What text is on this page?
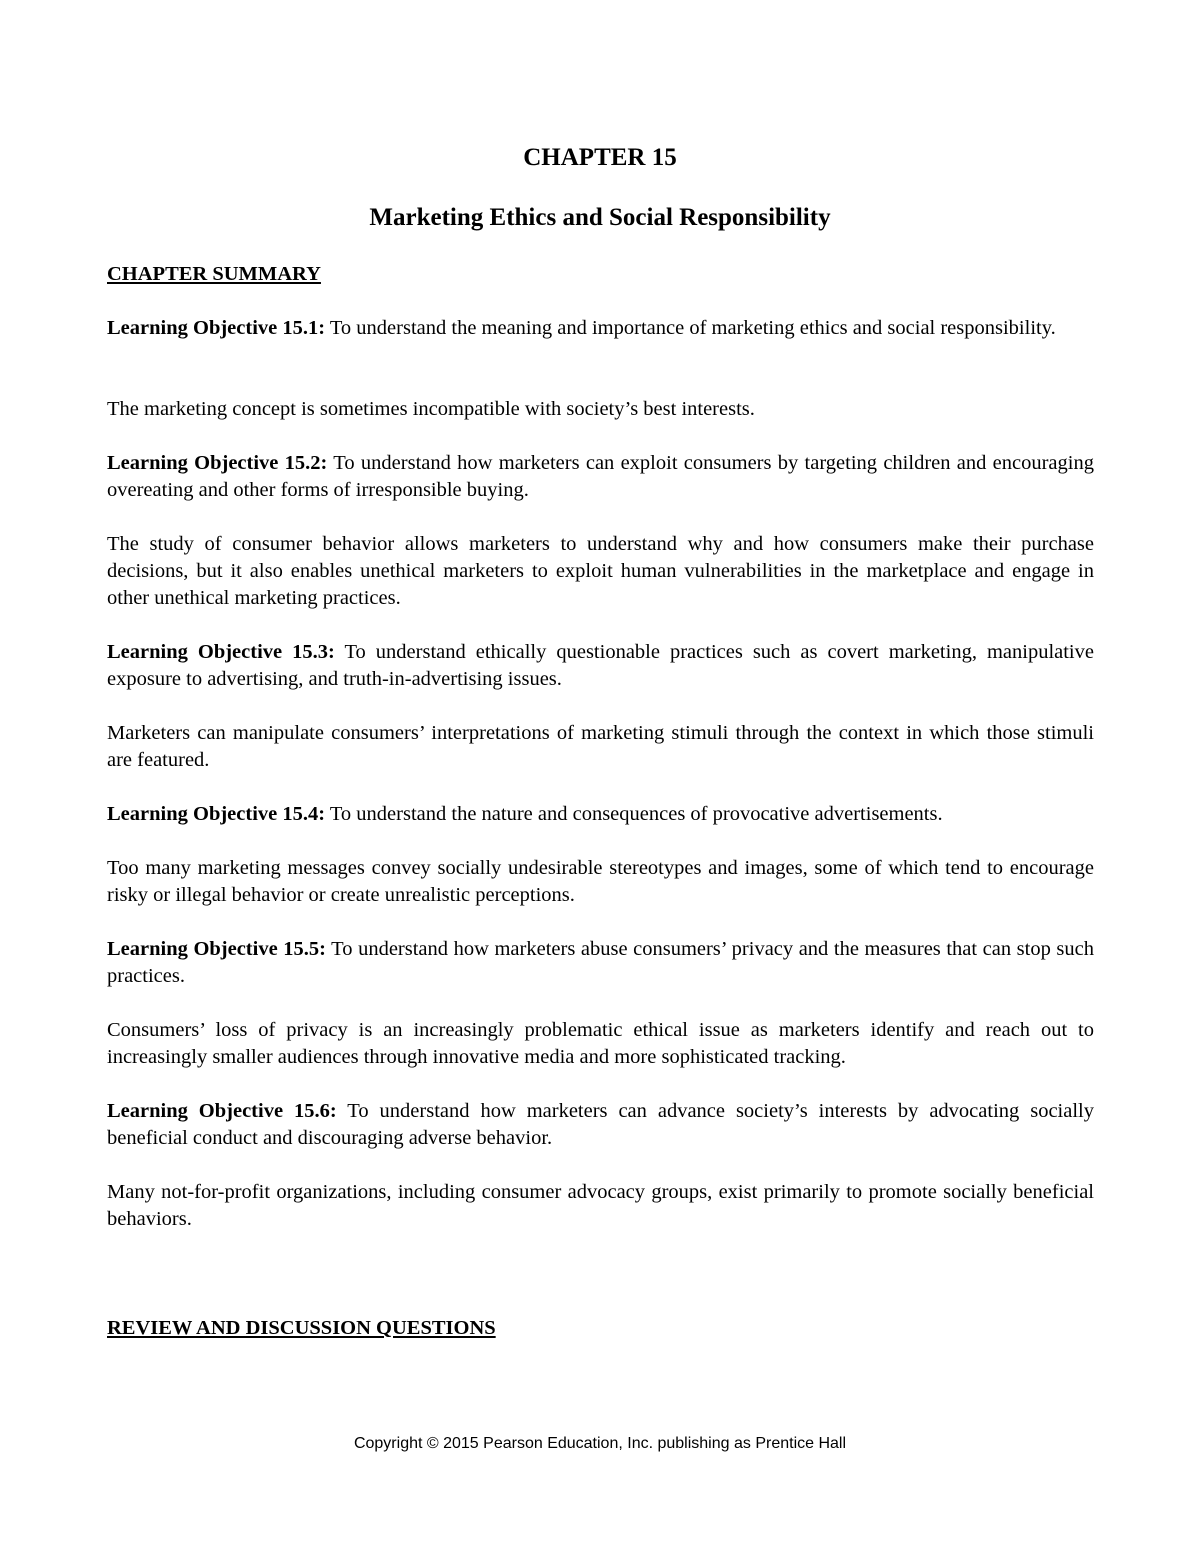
CHAPTER 15
Marketing Ethics and Social Responsibility
CHAPTER SUMMARY
Learning Objective 15.1: To understand the meaning and importance of marketing ethics and social responsibility.
The marketing concept is sometimes incompatible with society’s best interests.
Learning Objective 15.2: To understand how marketers can exploit consumers by targeting children and encouraging overeating and other forms of irresponsible buying.
The study of consumer behavior allows marketers to understand why and how consumers make their purchase decisions, but it also enables unethical marketers to exploit human vulnerabilities in the marketplace and engage in other unethical marketing practices.
Learning Objective 15.3: To understand ethically questionable practices such as covert marketing, manipulative exposure to advertising, and truth-in-advertising issues.
Marketers can manipulate consumers’ interpretations of marketing stimuli through the context in which those stimuli are featured.
Learning Objective 15.4: To understand the nature and consequences of provocative advertisements.
Too many marketing messages convey socially undesirable stereotypes and images, some of which tend to encourage risky or illegal behavior or create unrealistic perceptions.
Learning Objective 15.5: To understand how marketers abuse consumers’ privacy and the measures that can stop such practices.
Consumers’ loss of privacy is an increasingly problematic ethical issue as marketers identify and reach out to increasingly smaller audiences through innovative media and more sophisticated tracking.
Learning Objective 15.6: To understand how marketers can advance society’s interests by advocating socially beneficial conduct and discouraging adverse behavior.
Many not-for-profit organizations, including consumer advocacy groups, exist primarily to promote socially beneficial behaviors.
REVIEW AND DISCUSSION QUESTIONS
Copyright © 2015 Pearson Education, Inc. publishing as Prentice Hall
